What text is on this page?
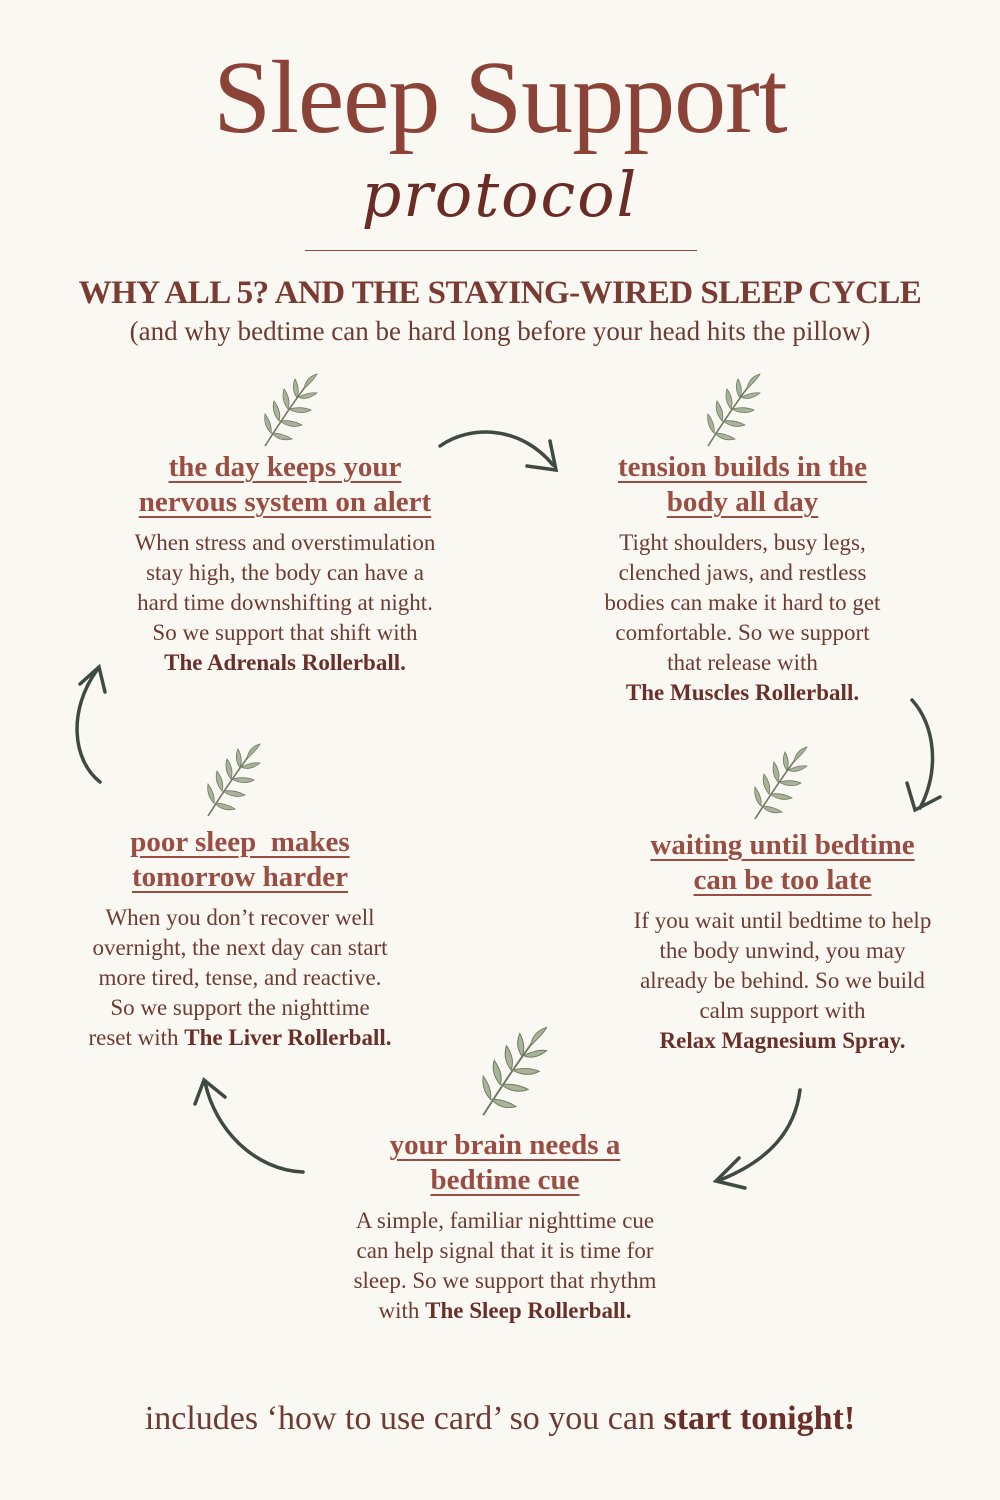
Sleep Support
protocol
WHY ALL 5? AND THE STAYING-WIRED SLEEP CYCLE
(and why bedtime can be hard long before your head hits the pillow)
the day keeps your
nervous system on alert
When stress and overstimulation
stay high, the body can have a
hard time downshifting at night.
So we support that shift with
The Adrenals Rollerball.
tension builds in the
body all day
Tight shoulders, busy legs,
clenched jaws, and restless
bodies can make it hard to get
comfortable. So we support
that release with
The Muscles Rollerball.
waiting until bedtime
can be too late
If you wait until bedtime to help
the body unwind, you may
already be behind. So we build
calm support with
Relax Magnesium Spray.
your brain needs a
bedtime cue
A simple, familiar nighttime cue
can help signal that it is time for
sleep. So we support that rhythm
with The Sleep Rollerball.
poor sleep  makes
tomorrow harder
When you don’t recover well
overnight, the next day can start
more tired, tense, and reactive.
So we support the nighttime
reset with The Liver Rollerball.
includes ‘how to use card’ so you can start tonight!
